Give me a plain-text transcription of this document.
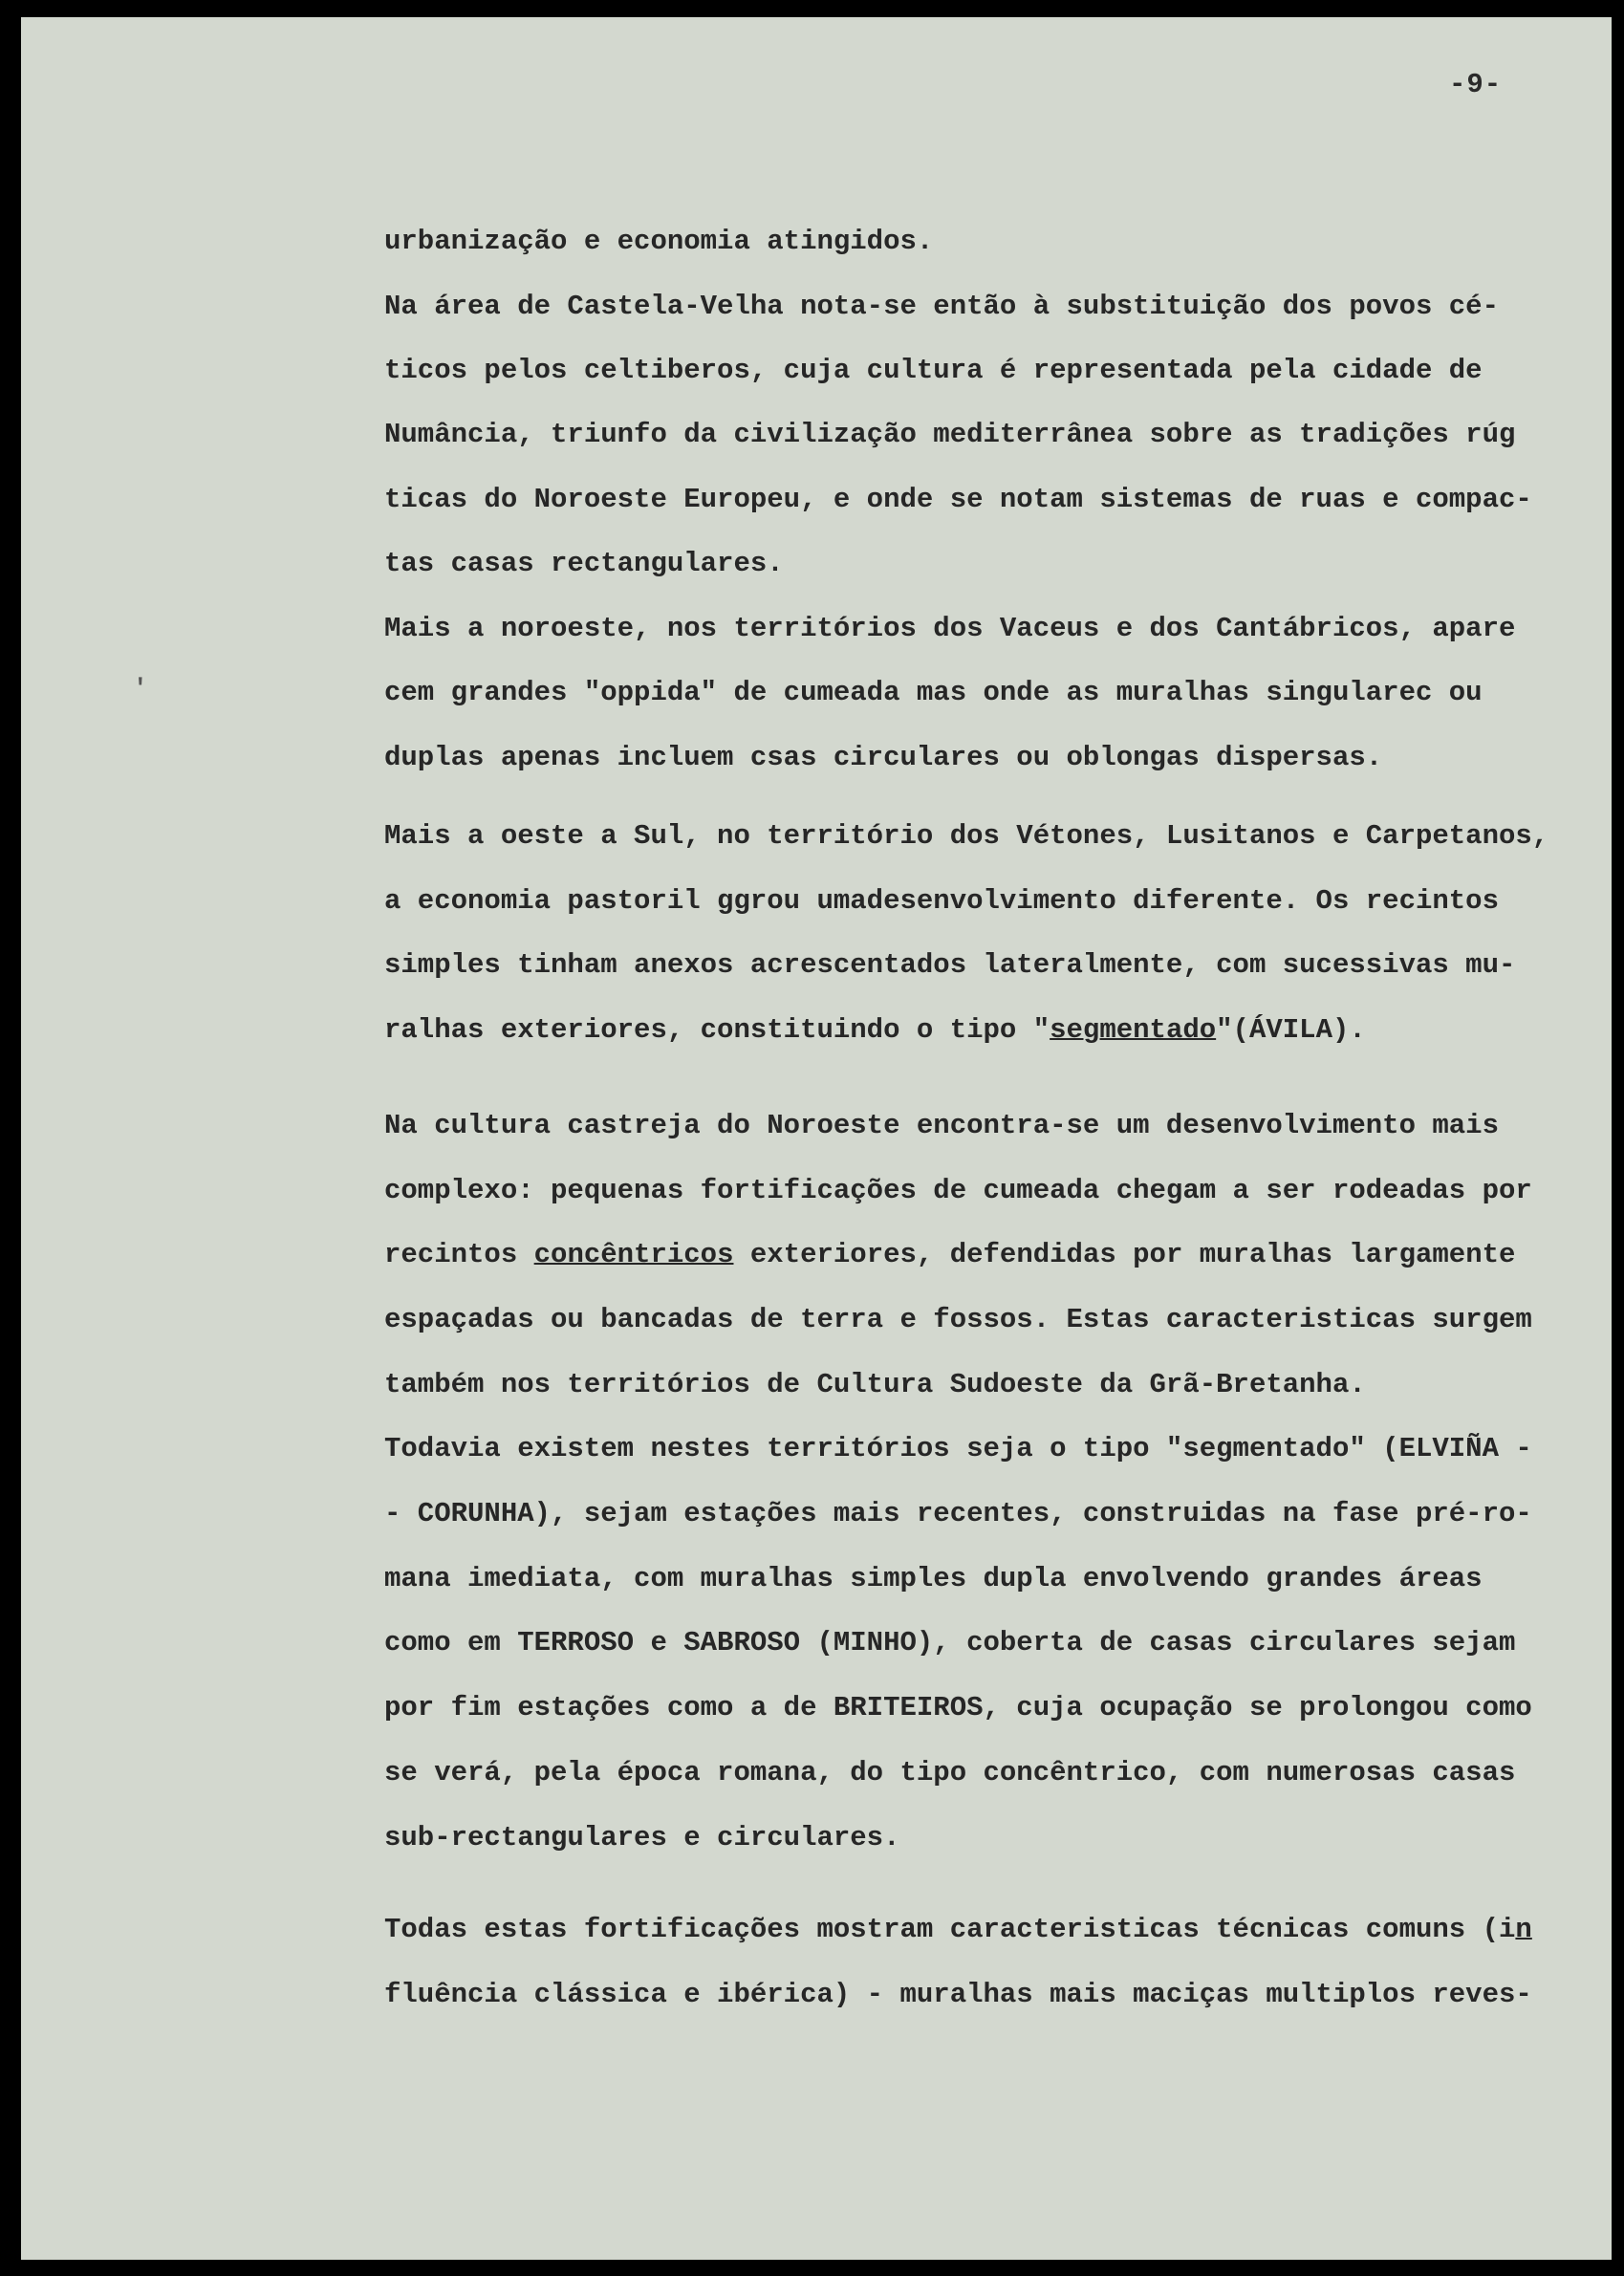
-9-
'
urbanização e economia atingidos.
Na área de Castela-Velha nota-se então à substituição dos povos cé-
ticos pelos celtiberos, cuja cultura é representada pela cidade de
Numância, triunfo da civilização mediterrânea sobre as tradições rúg
ticas do Noroeste Europeu, e onde se notam sistemas de ruas e compac-
tas casas rectangulares.
Mais a noroeste, nos territórios dos Vaceus e dos Cantábricos, apare
cem grandes "oppida" de cumeada mas onde as muralhas singularec ou
duplas apenas incluem csas circulares ou oblongas dispersas.
Mais a oeste a Sul, no território dos Vétones, Lusitanos e Carpetanos,
a economia pastoril ggrou umadesenvolvimento diferente. Os recintos
simples tinham anexos acrescentados lateralmente, com sucessivas mu-
ralhas exteriores, constituindo o tipo "segmentado"(ÁVILA).
Na cultura castreja do Noroeste encontra-se um desenvolvimento mais
complexo: pequenas fortificações de cumeada chegam a ser rodeadas por
recintos concêntricos exteriores, defendidas por muralhas largamente
espaçadas ou bancadas de terra e fossos. Estas caracteristicas surgem
também nos territórios de Cultura Sudoeste da Grã-Bretanha.
Todavia existem nestes territórios seja o tipo "segmentado" (ELVIÑA -
- CORUNHA), sejam estações mais recentes, construidas na fase pré-ro-
mana imediata, com muralhas simples dupla envolvendo grandes áreas
como em TERROSO e SABROSO (MINHO), coberta de casas circulares sejam
por fim estações como a de BRITEIROS, cuja ocupação se prolongou como
se verá, pela época romana, do tipo concêntrico, com numerosas casas
sub-rectangulares e circulares.
Todas estas fortificações mostram caracteristicas técnicas comuns (in
fluência clássica e ibérica) - muralhas mais maciças multiplos reves-
